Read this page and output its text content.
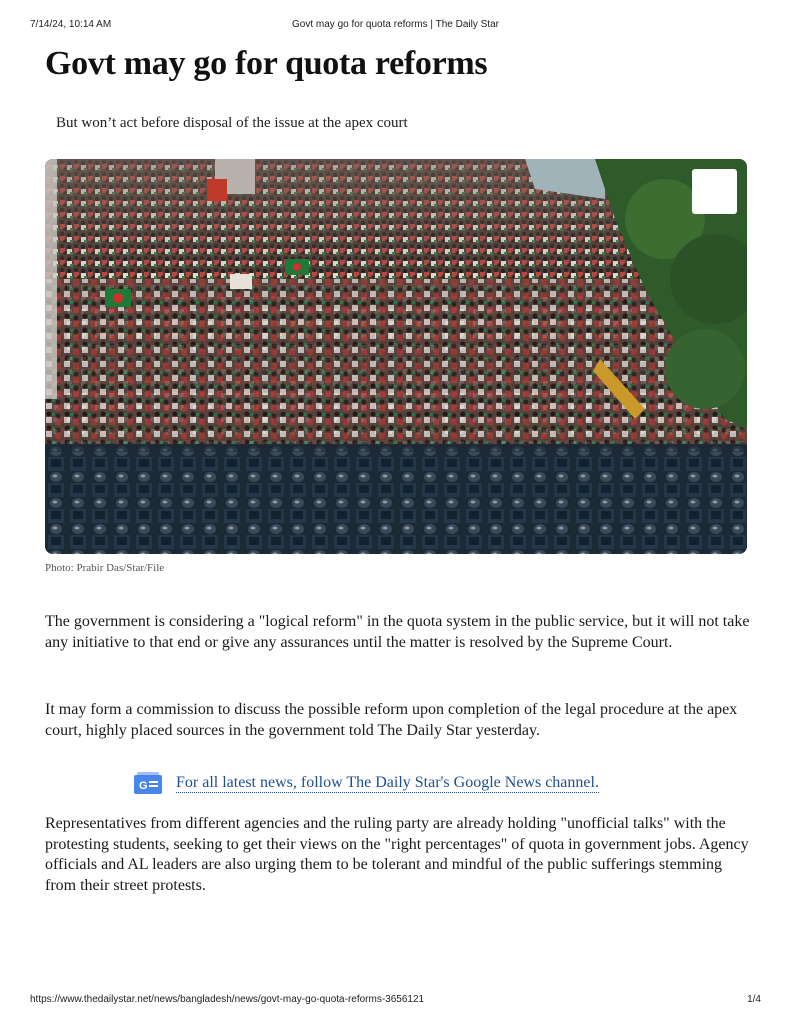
7/14/24, 10:14 AM	Govt may go for quota reforms | The Daily Star
Govt may go for quota reforms
But won’t act before disposal of the issue at the apex court
Photo: Prabir Das/Star/File

The government is considering a "logical reform" in the quota system in the public service, but it will not take any initiative to that end or give any assurances until the matter is resolved by the Supreme Court.

It may form a commission to discuss the possible reform upon completion of the legal procedure at the apex court, highly placed sources in the government told The Daily Star yesterday.

G For all latest news, follow The Daily Star's Google News channel.

Representatives from different agencies and the ruling party are already holding "unofficial talks" with the protesting students, seeking to get their views on the "right percentages" of quota in government jobs. Agency officials and AL leaders are also urging them to be tolerant and mindful of the public sufferings stemming from their street protests.

https://www.thedailystar.net/news/bangladesh/news/govt-may-go-quota-reforms-3656121	1/4
